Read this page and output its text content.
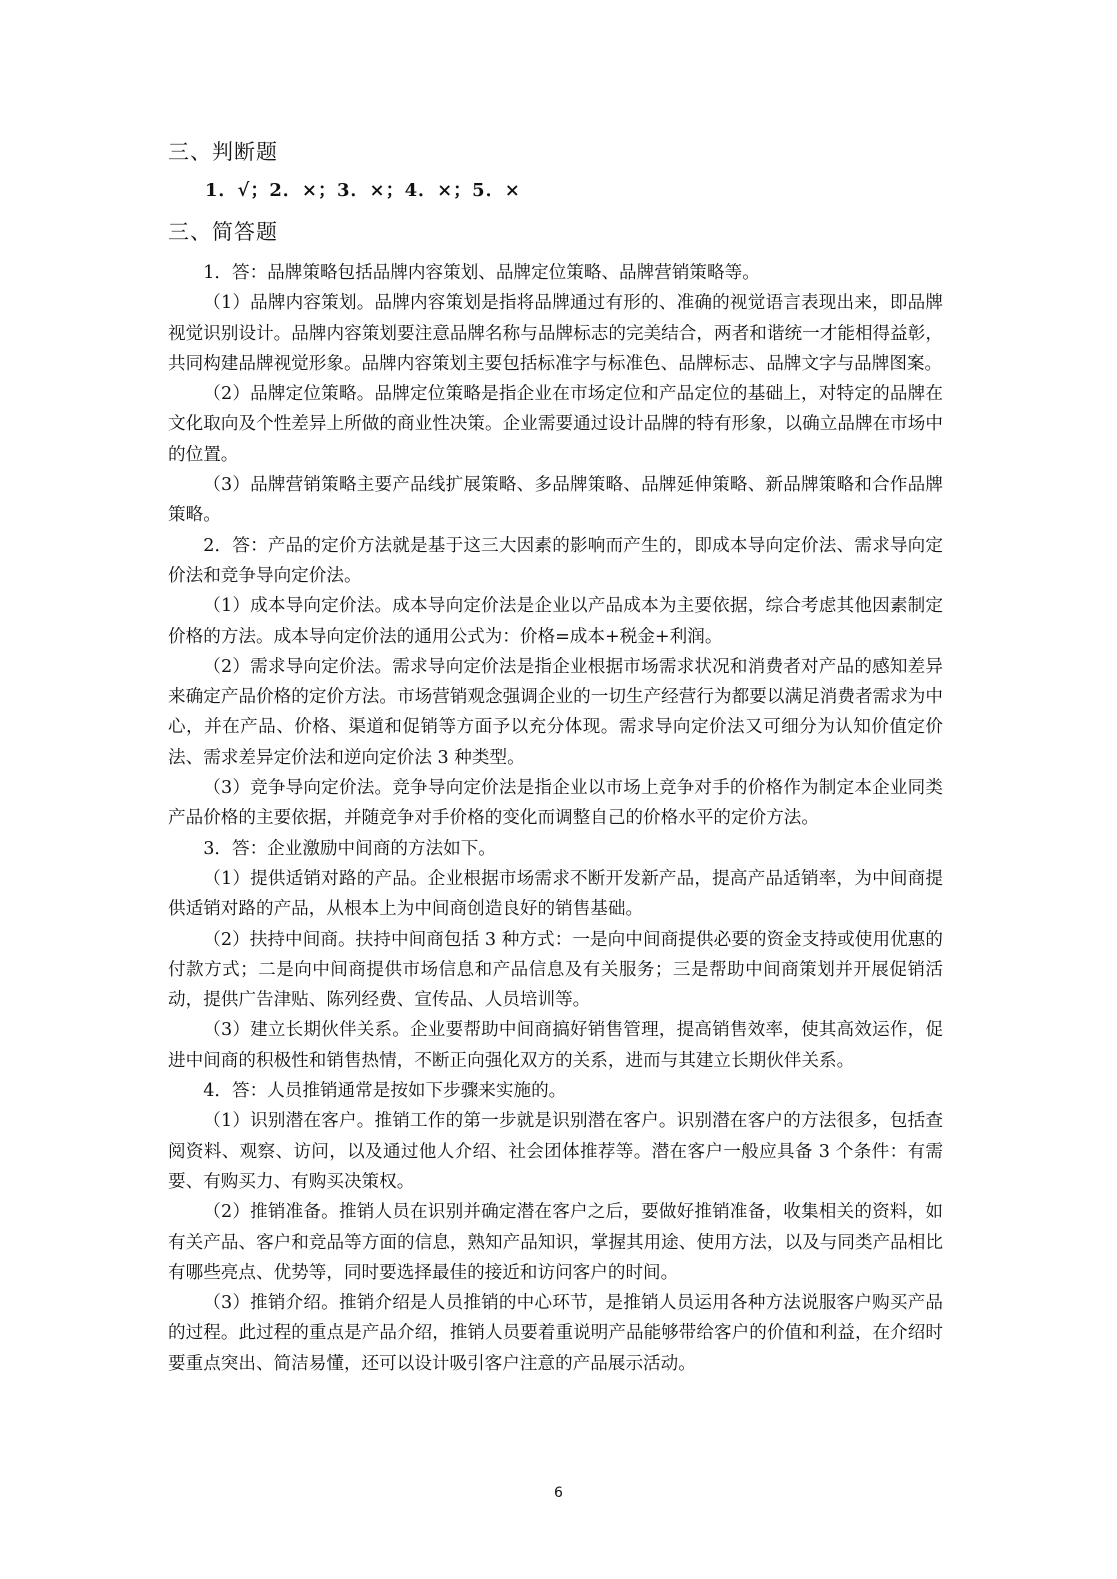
三、判断题

1．√；2．×；3．×；4．×；5．×

三、简答题

1．答：品牌策略包括品牌内容策划、品牌定位策略、品牌营销策略等。

（1）品牌内容策划。品牌内容策划是指将品牌通过有形的、准确的视觉语言表现出来，即品牌视觉识别设计。品牌内容策划要注意品牌名称与品牌标志的完美结合，两者和谐统一才能相得益彰，共同构建品牌视觉形象。品牌内容策划主要包括标准字与标准色、品牌标志、品牌文字与品牌图案。

（2）品牌定位策略。品牌定位策略是指企业在市场定位和产品定位的基础上，对特定的品牌在文化取向及个性差异上所做的商业性决策。企业需要通过设计品牌的特有形象，以确立品牌在市场中的位置。

（3）品牌营销策略主要产品线扩展策略、多品牌策略、品牌延伸策略、新品牌策略和合作品牌策略。

2．答：产品的定价方法就是基于这三大因素的影响而产生的，即成本导向定价法、需求导向定价法和竞争导向定价法。

（1）成本导向定价法。成本导向定价法是企业以产品成本为主要依据，综合考虑其他因素制定价格的方法。成本导向定价法的通用公式为：价格=成本+税金+利润。

（2）需求导向定价法。需求导向定价法是指企业根据市场需求状况和消费者对产品的感知差异来确定产品价格的定价方法。市场营销观念强调企业的一切生产经营行为都要以满足消费者需求为中心，并在产品、价格、渠道和促销等方面予以充分体现。需求导向定价法又可细分为认知价值定价法、需求差异定价法和逆向定价法 3 种类型。

（3）竞争导向定价法。竞争导向定价法是指企业以市场上竞争对手的价格作为制定本企业同类产品价格的主要依据，并随竞争对手价格的变化而调整自己的价格水平的定价方法。

3．答：企业激励中间商的方法如下。

（1）提供适销对路的产品。企业根据市场需求不断开发新产品，提高产品适销率，为中间商提供适销对路的产品，从根本上为中间商创造良好的销售基础。

（2）扶持中间商。扶持中间商包括 3 种方式：一是向中间商提供必要的资金支持或使用优惠的付款方式；二是向中间商提供市场信息和产品信息及有关服务；三是帮助中间商策划并开展促销活动，提供广告津贴、陈列经费、宣传品、人员培训等。

（3）建立长期伙伴关系。企业要帮助中间商搞好销售管理，提高销售效率，使其高效运作，促进中间商的积极性和销售热情，不断正向强化双方的关系，进而与其建立长期伙伴关系。

4．答：人员推销通常是按如下步骤来实施的。

（1）识别潜在客户。推销工作的第一步就是识别潜在客户。识别潜在客户的方法很多，包括查阅资料、观察、访问，以及通过他人介绍、社会团体推荐等。潜在客户一般应具备 3 个条件：有需要、有购买力、有购买决策权。

（2）推销准备。推销人员在识别并确定潜在客户之后，要做好推销准备，收集相关的资料，如有关产品、客户和竞品等方面的信息，熟知产品知识，掌握其用途、使用方法，以及与同类产品相比有哪些亮点、优势等，同时要选择最佳的接近和访问客户的时间。

（3）推销介绍。推销介绍是人员推销的中心环节，是推销人员运用各种方法说服客户购买产品的过程。此过程的重点是产品介绍，推销人员要着重说明产品能够带给客户的价值和利益，在介绍时要重点突出、简洁易懂，还可以设计吸引客户注意的产品展示活动。

6
